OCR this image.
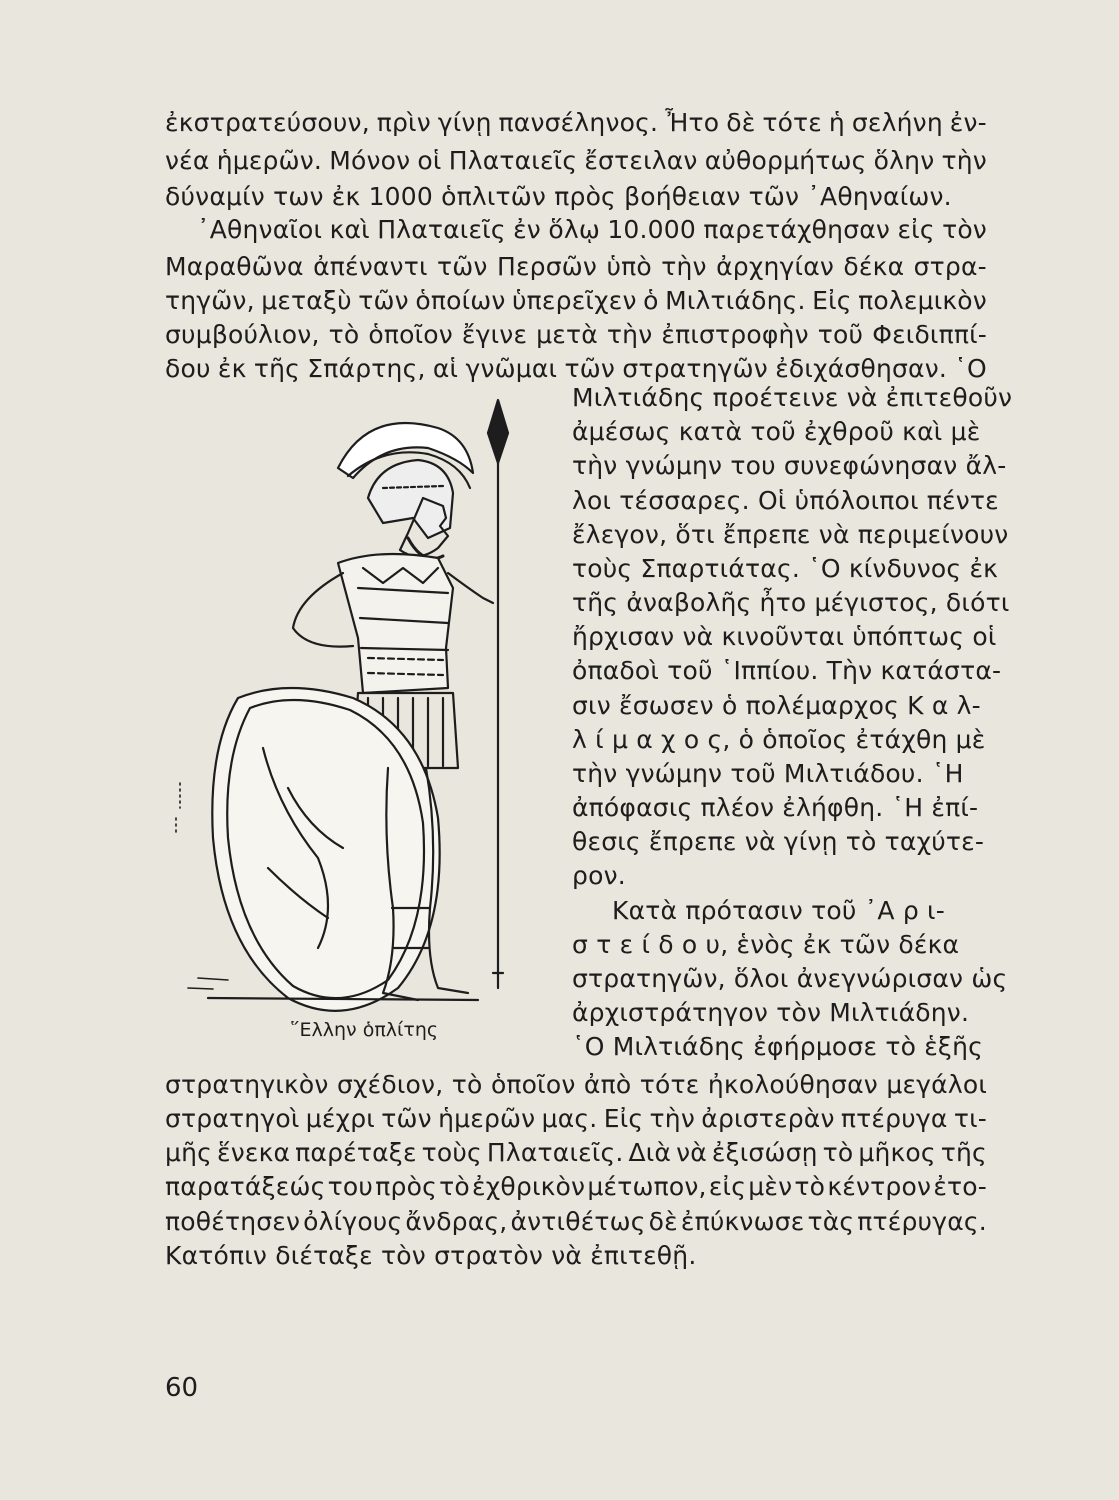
ἐκστρατεύσουν, πρὶν γίνῃ πανσέληνος. Ἦτο δὲ τότε ἡ σελήνη ἐν-
νέα ἡμερῶν. Μόνον οἱ Πλαταιεῖς ἔστειλαν αὐθορμήτως ὅλην τὴν
δύναμίν των ἐκ 1000 ὁπλιτῶν πρὸς βοήθειαν τῶν ᾿Αθηναίων.
᾿Αθηναῖοι καὶ Πλαταιεῖς ἐν ὅλῳ 10.000 παρετάχθησαν εἰς τὸν
Μαραθῶνα ἀπέναντι τῶν Περσῶν ὑπὸ τὴν ἀρχηγίαν δέκα στρα-
τηγῶν, μεταξὺ τῶν ὁποίων ὑπερεῖχεν ὁ Μιλτιάδης. Εἰς πολεμικὸν
συμβούλιον, τὸ ὁποῖον ἔγινε μετὰ τὴν ἐπιστροφὴν τοῦ Φειδιππί-
δου ἐκ τῆς Σπάρτης, αἱ γνῶμαι τῶν στρατηγῶν ἐδιχάσθησαν. ῾Ο
Μιλτιάδης προέτεινε νὰ ἐπιτεθοῦν
ἀμέσως κατὰ τοῦ ἐχθροῦ καὶ μὲ
τὴν γνώμην του συνεφώνησαν ἄλ-
λοι τέσσαρες. Οἱ ὑπόλοιποι πέντε
ἔλεγον, ὅτι ἔπρεπε νὰ περιμείνουν
τοὺς Σπαρτιάτας. ῾Ο κίνδυνος ἐκ
τῆς ἀναβολῆς ἦτο μέγιστος, διότι
ἤρχισαν νὰ κινοῦνται ὑπόπτως οἱ
ὀπαδοὶ τοῦ ῾Ιππίου. Τὴν κατάστα-
σιν ἔσωσεν ὁ πολέμαρχος Κ α λ-
λ ί μ α χ ο ς, ὁ ὁποῖος ἐτάχθη μὲ
τὴν γνώμην τοῦ Μιλτιάδου. ῾Η
ἀπόφασις πλέον ἐλήφθη. ῾Η ἐπί-
θεσις ἔπρεπε νὰ γίνῃ τὸ ταχύτε-
ρον.
Κατὰ πρότασιν τοῦ ᾿Α ρ ι-
σ τ ε ί δ ο υ, ἑνὸς ἐκ τῶν δέκα
στρατηγῶν, ὅλοι ἀνεγνώρισαν ὡς
ἀρχιστράτηγον τὸν Μιλτιάδην.
῾Ο Μιλτιάδης ἐφήρμοσε τὸ ἑξῆς
στρατηγικὸν σχέδιον, τὸ ὁποῖον ἀπὸ τότε ἠκολούθησαν μεγάλοι
στρατηγοὶ μέχρι τῶν ἡμερῶν μας. Εἰς τὴν ἀριστερὰν πτέρυγα τι-
μῆς ἕνεκα παρέταξε τοὺς Πλαταιεῖς. Διὰ νὰ ἐξισώσῃ τὸ μῆκος τῆς
παρατάξεώς του πρὸς τὸ ἐχθρικὸν μέτωπον, εἰς μὲν τὸ κέντρον ἐτο-
ποθέτησεν ὀλίγους ἄνδρας, ἀντιθέτως δὲ ἐπύκνωσε τὰς πτέρυγας.
Κατόπιν διέταξε τὸν στρατὸν νὰ ἐπιτεθῇ.
῞Ελλην ὁπλίτης
60
